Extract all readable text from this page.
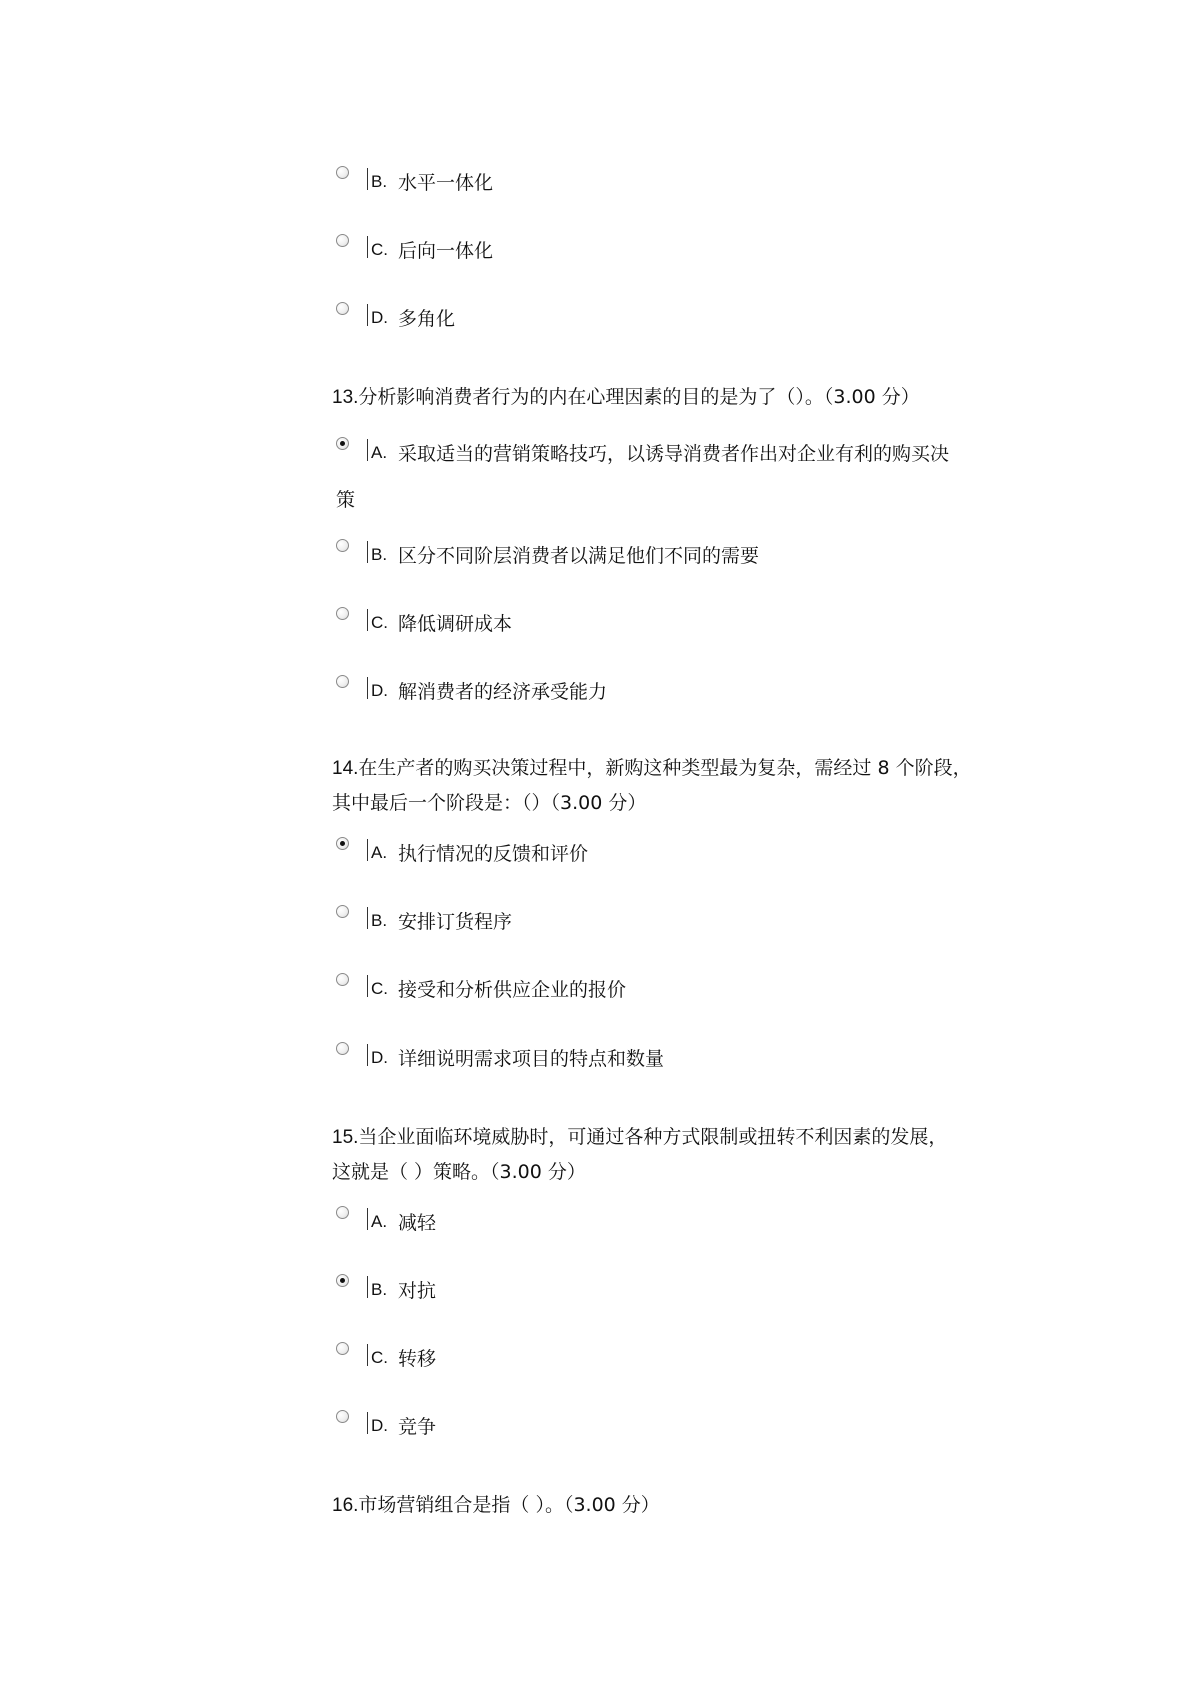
B. 水平一体化
C. 后向一体化
D. 多角化
13.分析影响消费者行为的内在心理因素的目的是为了（）。（3.00 分）
A. 采取适当的营销策略技巧，以诱导消费者作出对企业有利的购买决
策
B. 区分不同阶层消费者以满足他们不同的需要
C. 降低调研成本
D. 解消费者的经济承受能力
14.在生产者的购买决策过程中，新购这种类型最为复杂，需经过 8 个阶段，
其中最后一个阶段是：（）（3.00 分）
A. 执行情况的反馈和评价
B. 安排订货程序
C. 接受和分析供应企业的报价
D. 详细说明需求项目的特点和数量
15.当企业面临环境威胁时，可通过各种方式限制或扭转不利因素的发展，
这就是（ ）策略。（3.00 分）
A. 减轻
B. 对抗
C. 转移
D. 竞争
16.市场营销组合是指（ ）。（3.00 分）
